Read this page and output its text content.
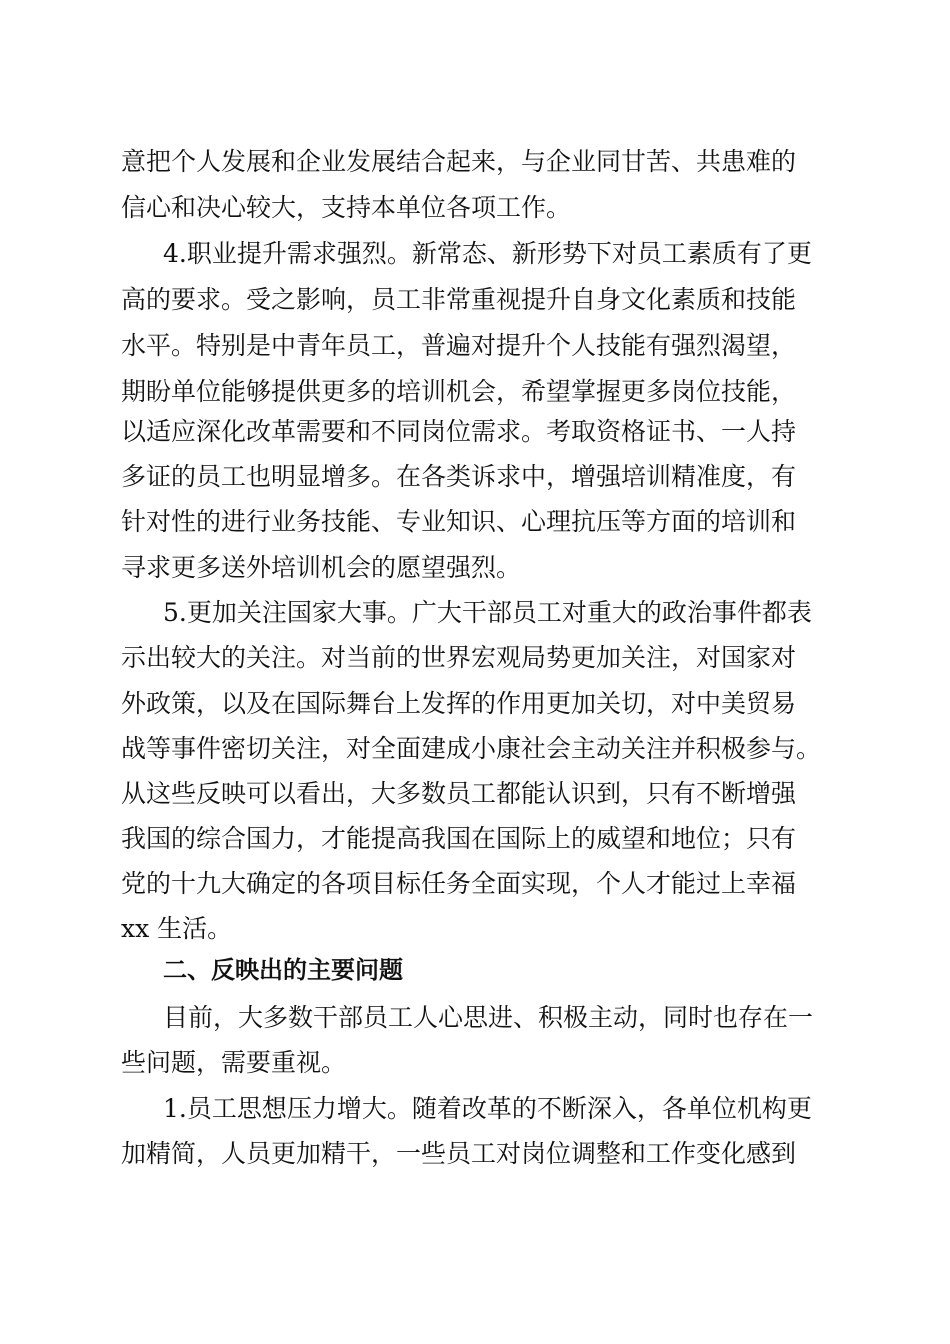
意把个人发展和企业发展结合起来，与企业同甘苦、共患难的

信心和决心较大，支持本单位各项工作。

4.职业提升需求强烈。新常态、新形势下对员工素质有了更

高的要求。受之影响，员工非常重视提升自身文化素质和技能

水平。特别是中青年员工，普遍对提升个人技能有强烈渴望，

期盼单位能够提供更多的培训机会，希望掌握更多岗位技能，

以适应深化改革需要和不同岗位需求。考取资格证书、一人持

多证的员工也明显增多。在各类诉求中，增强培训精准度，有

针对性的进行业务技能、专业知识、心理抗压等方面的培训和

寻求更多送外培训机会的愿望强烈。

5.更加关注国家大事。广大干部员工对重大的政治事件都表

示出较大的关注。对当前的世界宏观局势更加关注，对国家对

外政策，以及在国际舞台上发挥的作用更加关切，对中美贸易

战等事件密切关注，对全面建成小康社会主动关注并积极参与。

从这些反映可以看出，大多数员工都能认识到，只有不断增强

我国的综合国力，才能提高我国在国际上的威望和地位；只有

党的十九大确定的各项目标任务全面实现，个人才能过上幸福

xx 生活。

二、反映出的主要问题

目前，大多数干部员工人心思进、积极主动，同时也存在一

些问题，需要重视。

1.员工思想压力增大。随着改革的不断深入，各单位机构更

加精简，人员更加精干，一些员工对岗位调整和工作变化感到
